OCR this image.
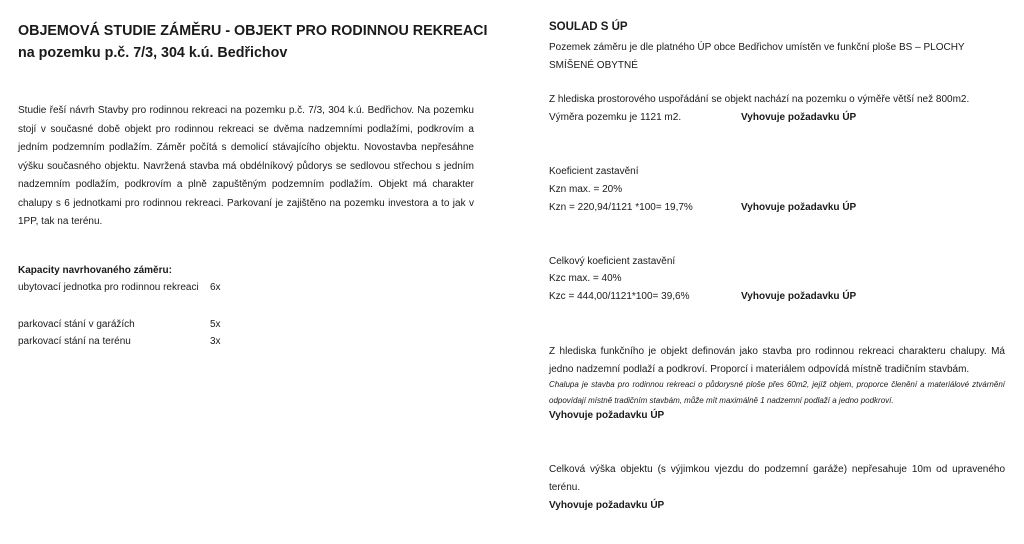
OBJEMOVÁ STUDIE ZÁMĚRU - OBJEKT PRO RODINNOU REKREACI
na pozemku p.č. 7/3, 304 k.ú. Bedřichov
Studie řeší návrh Stavby pro rodinnou rekreaci na pozemku p.č. 7/3, 304 k.ú. Bedřichov. Na pozemku stojí v současné době objekt pro rodinnou rekreaci se dvěma nadzemními podlažími, podkrovím a jedním podzemním podlažím. Záměr počítá s demolicí stávajícího objektu. Novostavba nepřesáhne výšku současného objektu. Navržená stavba má obdélníkový půdorys se sedlovou střechou s jedním nadzemním podlažím, podkrovím a plně zapuštěným podzemním podlažím. Objekt má charakter chalupy s 6 jednotkami pro rodinnou rekreaci. Parkovaní je zajištěno na pozemku investora a to jak v 1PP, tak na terénu.
Kapacity navrhovaného záměru:
ubytovací jednotka pro rodinnou rekreaci 6x
parkovací stání v garážích	5x
parkovací stání na terénu	3x
SOULAD S ÚP
Pozemek záměru je dle platného ÚP obce Bedřichov umístěn ve funkční ploše BS – PLOCHY
SMÍŠENÉ OBYTNÉ
Z hlediska prostorového uspořádání se objekt nachází na pozemku o výměře větší než 800m2.
Výměra pozemku je 1121 m2.	Vyhovuje požadavku ÚP
Koeficient zastavění
Kzn max. = 20%
Kzn = 220,94/1121 *100= 19,7%	Vyhovuje požadavku ÚP
Celkový koeficient zastavění
Kzc max. = 40%
Kzc = 444,00/1121*100= 39,6%	Vyhovuje požadavku ÚP
Z hlediska funkčního je objekt definován jako stavba pro rodinnou rekreaci charakteru chalupy. Má jedno nadzemní podlaží a podkroví. Proporcí i materiálem odpovídá místně tradičním stavbám.
Chalupa je stavba pro rodinnou rekreaci o půdorysné ploše přes 60m2, jejíž objem, proporce členění a materiálové ztvárnění odpovídají místně tradičním stavbám, může mít maximálně 1 nadzemní podlaží a jedno podkroví.
Vyhovuje požadavku ÚP
Celková výška objektu (s výjimkou vjezdu do podzemní garáže) nepřesahuje 10m od upraveného terénu.
Vyhovuje požadavku ÚP
